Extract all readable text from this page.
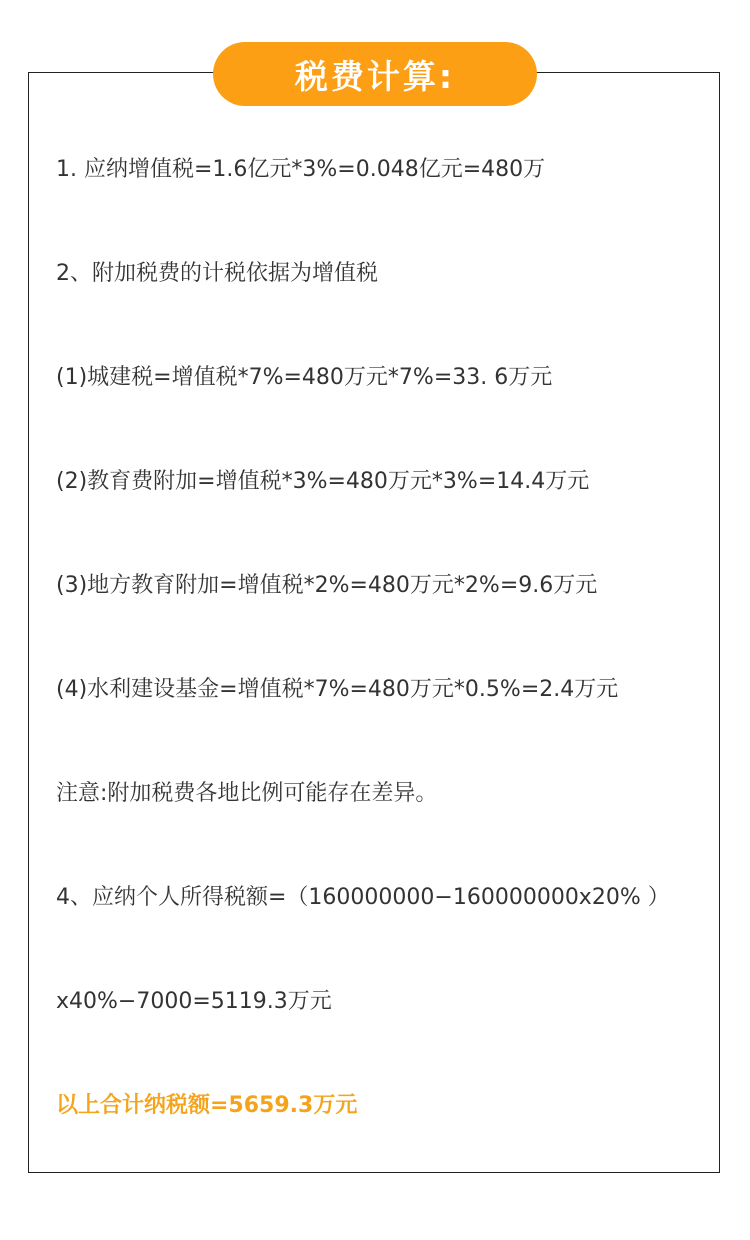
税费计算:
1. 应纳增值税=1.6亿元*3%=0.048亿元=480万
2、附加税费的计税依据为增值税
(1)城建税=增值税*7%=480万元*7%=33. 6万元
(2)教育费附加=增值税*3%=480万元*3%=14.4万元
(3)地方教育附加=增值税*2%=480万元*2%=9.6万元
(4)水利建设基金=增值税*7%=480万元*0.5%=2.4万元
注意:附加税费各地比例可能存在差异。
4、应纳个人所得税额=（160000000−160000000x20% ）
x40%−7000=5119.3万元
以上合计纳税额=5659.3万元
